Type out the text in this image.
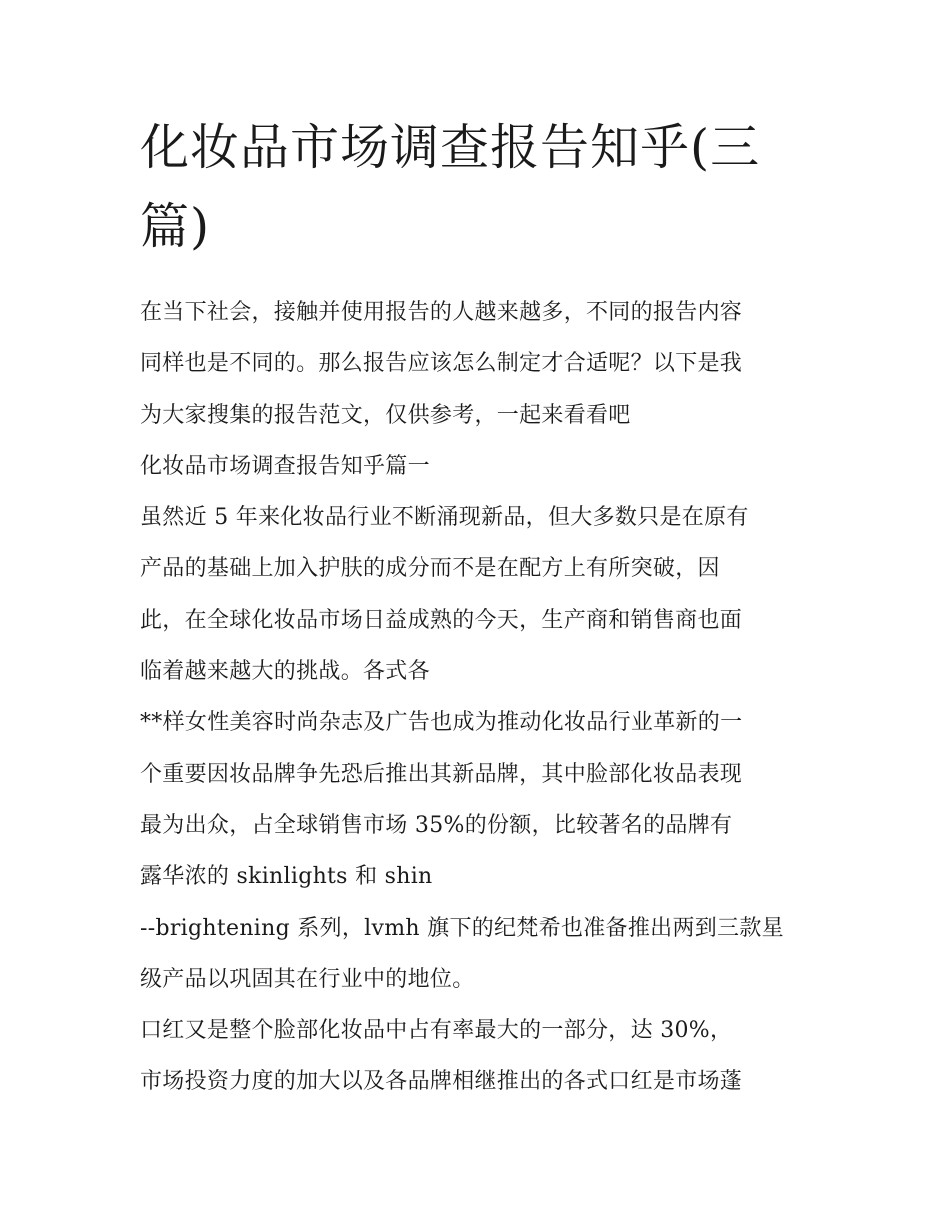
化妆品市场调查报告知乎(三
篇)
在当下社会，接触并使用报告的人越来越多，不同的报告内容
同样也是不同的。那么报告应该怎么制定才合适呢？以下是我
为大家搜集的报告范文，仅供参考，一起来看看吧
化妆品市场调查报告知乎篇一
虽然近 5 年来化妆品行业不断涌现新品，但大多数只是在原有
产品的基础上加入护肤的成分而不是在配方上有所突破，因
此，在全球化妆品市场日益成熟的今天，生产商和销售商也面
临着越来越大的挑战。各式各
**样女性美容时尚杂志及广告也成为推动化妆品行业革新的一
个重要因妆品牌争先恐后推出其新品牌，其中脸部化妆品表现
最为出众，占全球销售市场 35%的份额，比较著名的品牌有
露华浓的 skinlights 和 shin
--brightening 系列，lvmh 旗下的纪梵希也准备推出两到三款星
级产品以巩固其在行业中的地位。
口红又是整个脸部化妆品中占有率最大的一部分，达 30%，
市场投资力度的加大以及各品牌相继推出的各式口红是市场蓬
